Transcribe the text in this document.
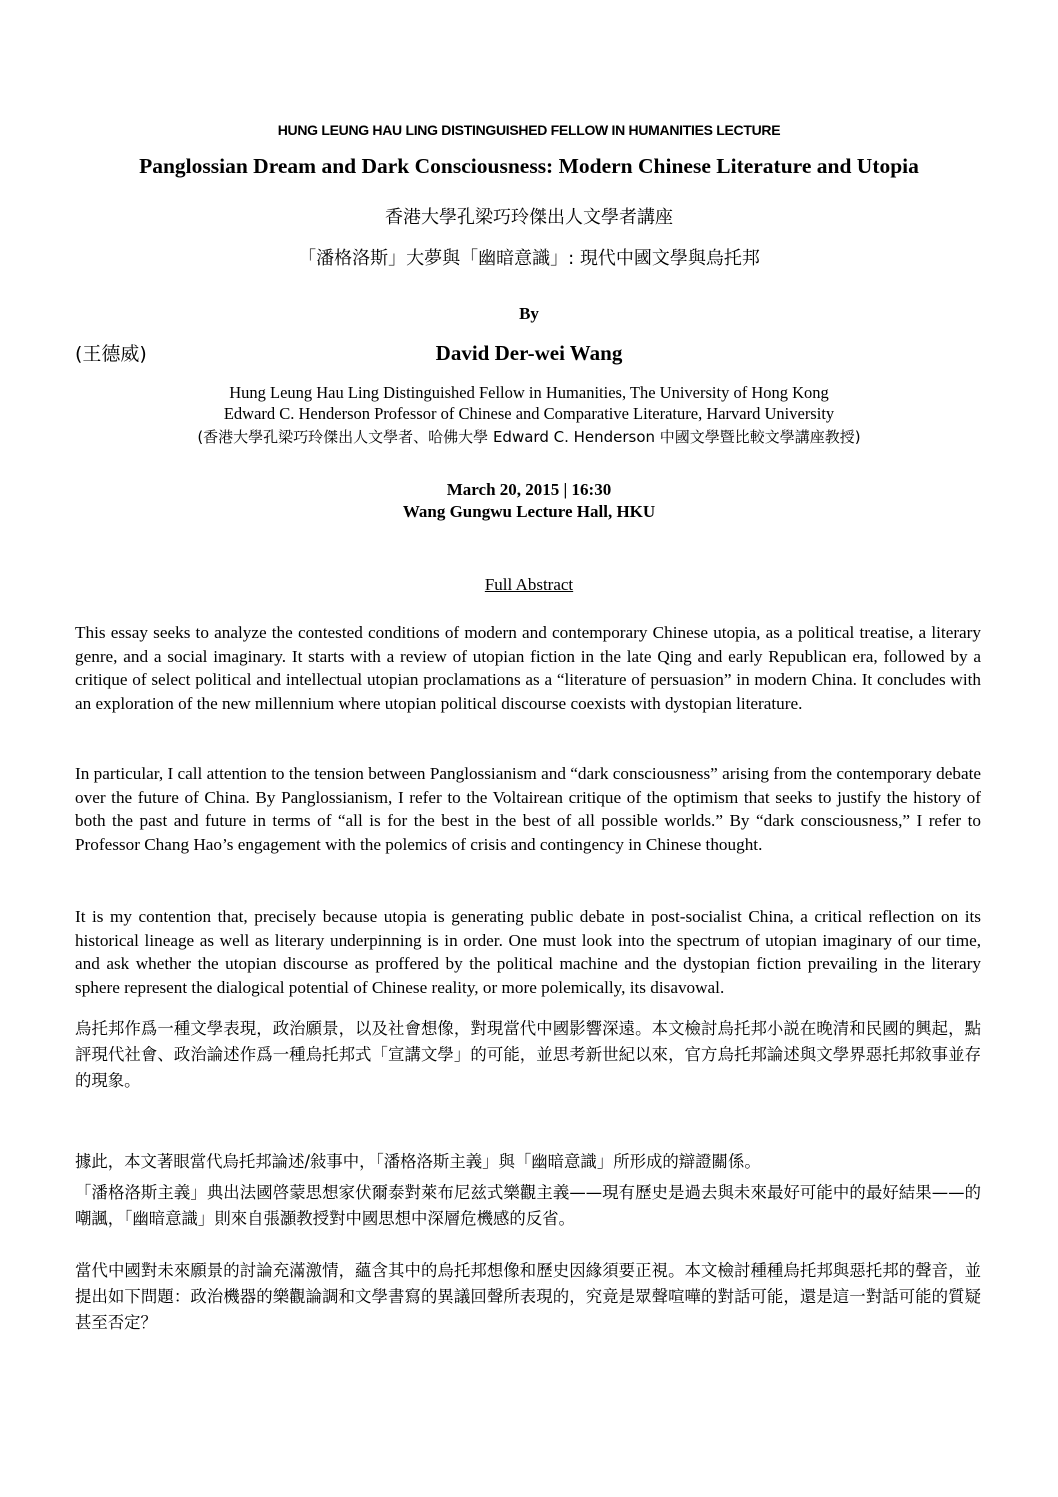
HUNG LEUNG HAU LING DISTINGUISHED FELLOW IN HUMANITIES LECTURE
Panglossian Dream and Dark Consciousness: Modern Chinese Literature and Utopia
香港大學孔梁巧玲傑出人文學者講座
「潘格洛斯」大夢與「幽暗意識」: 現代中國文學與烏托邦
By
David Der-wei Wang
(王德威)
Hung Leung Hau Ling Distinguished Fellow in Humanities, The University of Hong Kong
Edward C. Henderson Professor of Chinese and Comparative Literature, Harvard University
(香港大學孔梁巧玲傑出人文學者、哈佛大學 Edward C. Henderson 中國文學暨比較文學講座教授)
March 20, 2015 | 16:30
Wang Gungwu Lecture Hall, HKU
Full Abstract

This essay seeks to analyze the contested conditions of modern and contemporary Chinese utopia, as a political treatise, a literary genre, and a social imaginary. It starts with a review of utopian fiction in the late Qing and early Republican era, followed by a critique of select political and intellectual utopian proclamations as a “literature of persuasion” in modern China. It concludes with an exploration of the new millennium where utopian political discourse coexists with dystopian literature.

In particular, I call attention to the tension between Panglossianism and “dark consciousness” arising from the contemporary debate over the future of China. By Panglossianism, I refer to the Voltairean critique of the optimism that seeks to justify the history of both the past and future in terms of “all is for the best in the best of all possible worlds.” By “dark consciousness,” I refer to Professor Chang Hao’s engagement with the polemics of crisis and contingency in Chinese thought.

It is my contention that, precisely because utopia is generating public debate in post-socialist China, a critical reflection on its historical lineage as well as literary underpinning is in order. One must look into the spectrum of utopian imaginary of our time, and ask whether the utopian discourse as proffered by the political machine and the dystopian fiction prevailing in the literary sphere represent the dialogical potential of Chinese reality, or more polemically, its disavowal.

烏托邦作爲一種文學表現，政治願景，以及社會想像，對現當代中國影響深遠。本文檢討烏托邦小説在晚清和民國的興起，點評現代社會、政治論述作爲一種烏托邦式「宣講文學」的可能，並思考新世紀以來，官方烏托邦論述與文學界惡托邦敘事並存的現象。

據此，本文著眼當代烏托邦論述/敍事中，「潘格洛斯主義」與「幽暗意識」所形成的辯證關係。

「潘格洛斯主義」典出法國啓蒙思想家伏爾泰對萊布尼兹式樂觀主義——現有歷史是過去與未來最好可能中的最好結果——的嘲諷，「幽暗意識」則來自張灝教授對中國思想中深層危機感的反省。

當代中國對未來願景的討論充滿激情，蘊含其中的烏托邦想像和歷史因緣須要正視。本文檢討種種烏托邦與惡托邦的聲音，並提出如下問題：政治機器的樂觀論調和文學書寫的異議回聲所表現的，究竟是眾聲喧嘩的對話可能，還是這一對話可能的質疑甚至否定？
